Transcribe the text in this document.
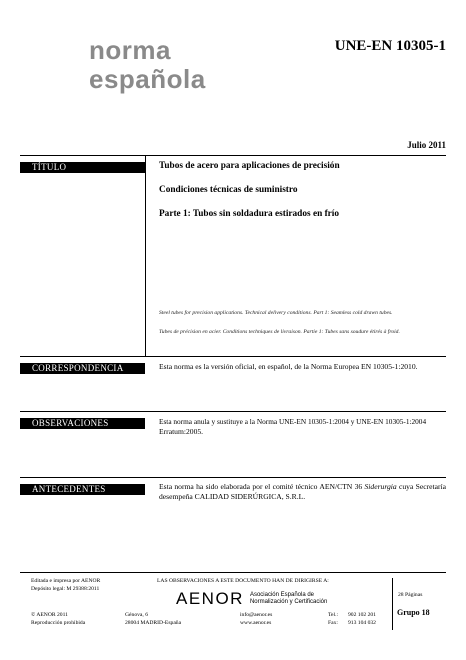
norma
española
UNE-EN 10305-1
Julio 2011
TÍTULO	Tubos de acero para aplicaciones de precisión
Condiciones técnicas de suministro
Parte 1: Tubos sin soldadura estirados en frío
Steel tubes for precision applications. Technical delivery conditions. Part 1: Seamless cold drawn tubes.
Tubes de précision en acier. Conditions techniques de livraison. Partie 1: Tubes sans soudure étirés à froid.
CORRESPONDENCIA	Esta norma es la versión oficial, en español, de la Norma Europea EN 10305-1:2010.
OBSERVACIONES	Esta norma anula y sustituye a la Norma UNE-EN 10305-1:2004 y UNE-EN 10305-1:2004
Erratum:2005.
ANTECEDENTES	Esta norma ha sido elaborada por el comité técnico AEN/CTN 36 Siderurgia cuya Secretaría desempeña CALIDAD SIDERÚRGICA, S.R.L.
Editada e impresa por AENOR
Depósito legal: M 29388:2011
© AENOR 2011
Reproducción prohibida
LAS OBSERVACIONES A ESTE DOCUMENTO HAN DE DIRIGIRSE A:
AENOR Asociación Española de
Normalización y Certificación
Génova, 6
28004 MADRID-España
info@aenor.es
www.aenor.es
Tel.: 902 102 201
Fax: 913 104 032
28 Páginas
Grupo 18
